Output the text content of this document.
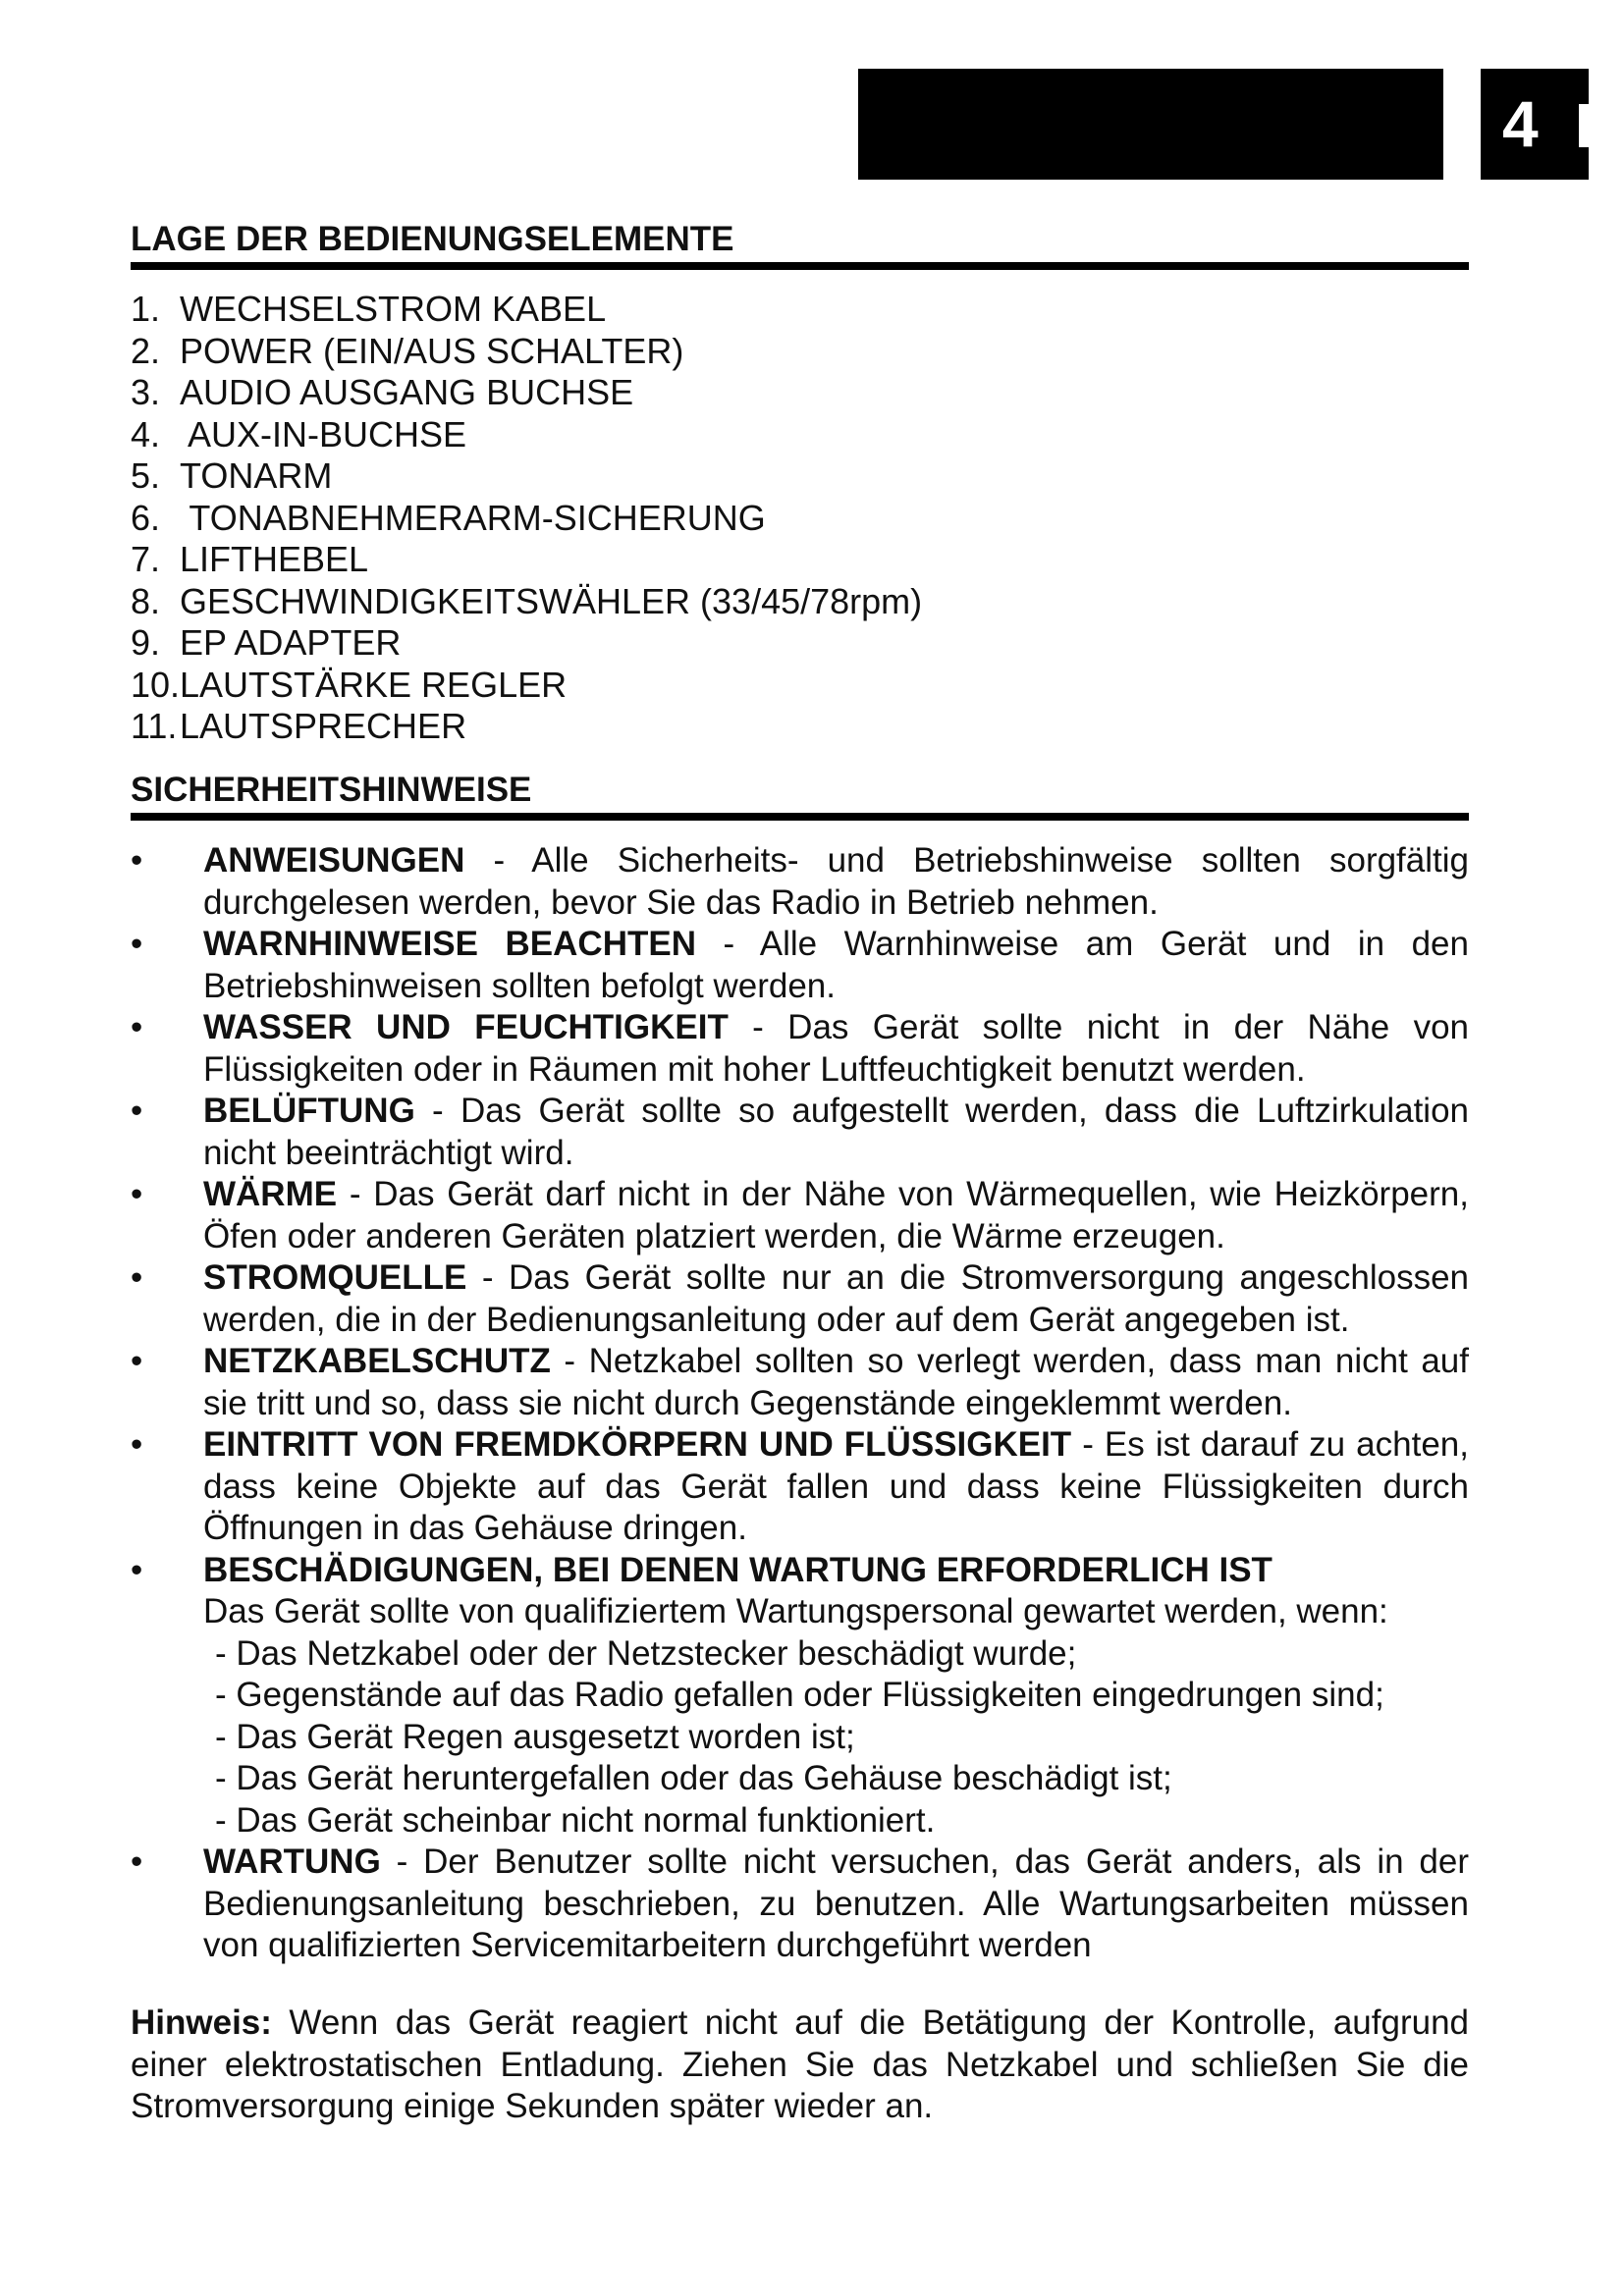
4
LAGE DER BEDIENUNGSELEMENTE
1. WECHSELSTROM KABEL
2. POWER (EIN/AUS SCHALTER)
3. AUDIO AUSGANG BUCHSE
4. AUX-IN-BUCHSE
5. TONARM
6. TONABNEHMERARM-SICHERUNG
7. LIFTHEBEL
8. GESCHWINDIGKEITSWÄHLER (33/45/78rpm)
9. EP ADAPTER
10.LAUTSTÄRKE REGLER
11.LAUTSPRECHER
SICHERHEITSHINWEISE
• ANWEISUNGEN - Alle Sicherheits- und Betriebshinweise sollten sorgfältig durchgelesen werden, bevor Sie das Radio in Betrieb nehmen.
• WARNHINWEISE BEACHTEN - Alle Warnhinweise am Gerät und in den Betriebshinweisen sollten befolgt werden.
• WASSER UND FEUCHTIGKEIT - Das Gerät sollte nicht in der Nähe von Flüssigkeiten oder in Räumen mit hoher Luftfeuchtigkeit benutzt werden.
• BELÜFTUNG - Das Gerät sollte so aufgestellt werden, dass die Luftzirkulation nicht beeinträchtigt wird.
• WÄRME - Das Gerät darf nicht in der Nähe von Wärmequellen, wie Heizkörpern, Öfen oder anderen Geräten platziert werden, die Wärme erzeugen.
• STROMQUELLE - Das Gerät sollte nur an die Stromversorgung angeschlossen werden, die in der Bedienungsanleitung oder auf dem Gerät angegeben ist.
• NETZKABELSCHUTZ - Netzkabel sollten so verlegt werden, dass man nicht auf sie tritt und so, dass sie nicht durch Gegenstände eingeklemmt werden.
• EINTRITT VON FREMDKÖRPERN UND FLÜSSIGKEIT - Es ist darauf zu achten, dass keine Objekte auf das Gerät fallen und dass keine Flüssigkeiten durch Öffnungen in das Gehäuse dringen.
• BESCHÄDIGUNGEN, BEI DENEN WARTUNG ERFORDERLICH IST
Das Gerät sollte von qualifiziertem Wartungspersonal gewartet werden, wenn:
- Das Netzkabel oder der Netzstecker beschädigt wurde;
- Gegenstände auf das Radio gefallen oder Flüssigkeiten eingedrungen sind;
- Das Gerät Regen ausgesetzt worden ist;
- Das Gerät heruntergefallen oder das Gehäuse beschädigt ist;
- Das Gerät scheinbar nicht normal funktioniert.
• WARTUNG - Der Benutzer sollte nicht versuchen, das Gerät anders, als in der Bedienungsanleitung beschrieben, zu benutzen. Alle Wartungsarbeiten müssen von qualifizierten Servicemitarbeitern durchgeführt werden
Hinweis: Wenn das Gerät reagiert nicht auf die Betätigung der Kontrolle, aufgrund einer elektrostatischen Entladung. Ziehen Sie das Netzkabel und schließen Sie die Stromversorgung einige Sekunden später wieder an.
